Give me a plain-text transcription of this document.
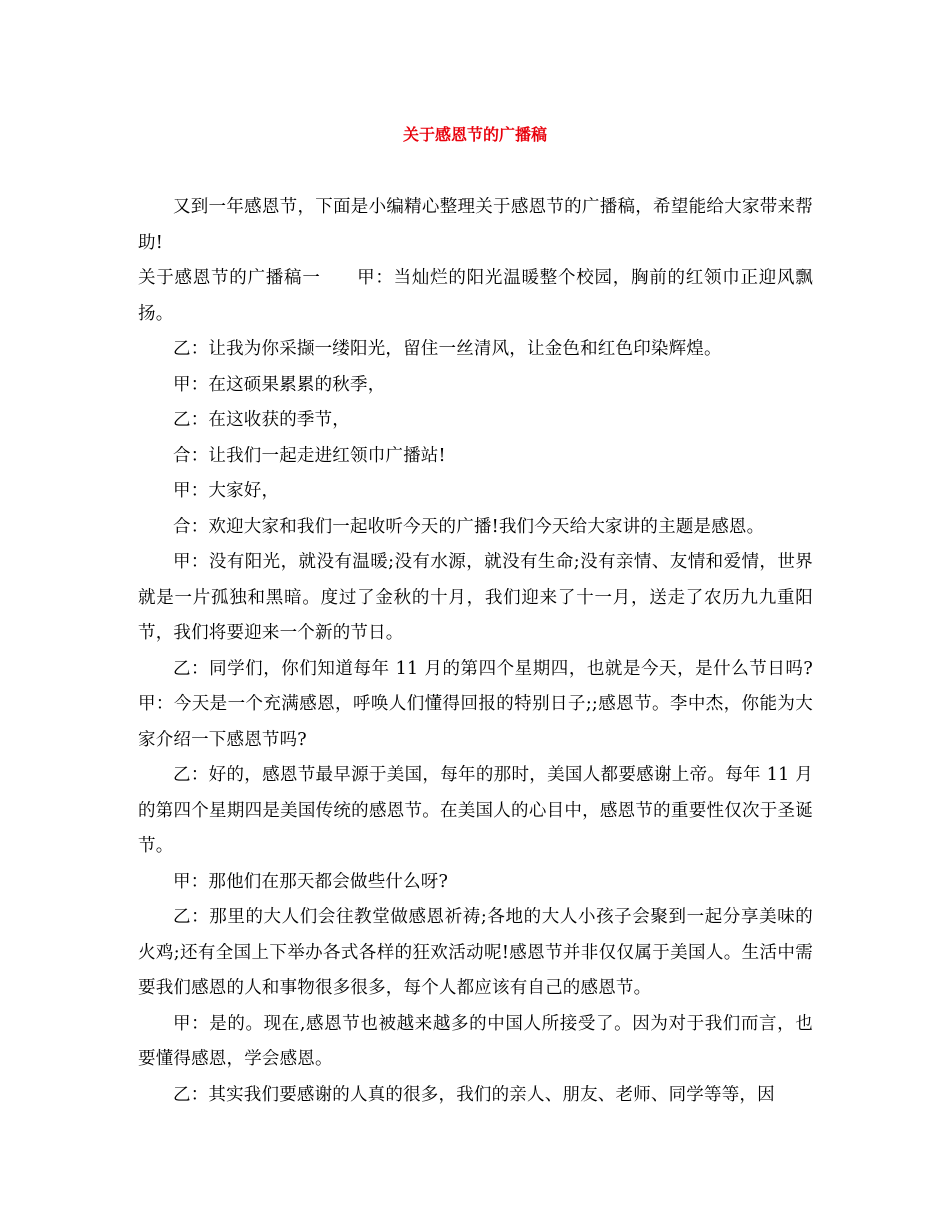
关于感恩节的广播稿

又到一年感恩节，下面是小编精心整理关于感恩节的广播稿，希望能给大家带来帮助!

关于感恩节的广播稿一 甲：当灿烂的阳光温暖整个校园，胸前的红领巾正迎风飘扬。

乙：让我为你采撷一缕阳光，留住一丝清风，让金色和红色印染辉煌。

甲：在这硕果累累的秋季，

乙：在这收获的季节，

合：让我们一起走进红领巾广播站!

甲：大家好，

合：欢迎大家和我们一起收听今天的广播!我们今天给大家讲的主题是感恩。

甲：没有阳光，就没有温暖;没有水源，就没有生命;没有亲情、友情和爱情，世界就是一片孤独和黑暗。度过了金秋的十月，我们迎来了十一月，送走了农历九九重阳节，我们将要迎来一个新的节日。

乙：同学们，你们知道每年 11 月的第四个星期四，也就是今天，是什么节日吗? 甲：今天是一个充满感恩，呼唤人们懂得回报的特别日子;;感恩节。李中杰，你能为大家介绍一下感恩节吗?

乙：好的，感恩节最早源于美国，每年的那时，美国人都要感谢上帝。每年 11 月的第四个星期四是美国传统的感恩节。在美国人的心目中，感恩节的重要性仅次于圣诞节。

甲：那他们在那天都会做些什么呀?

乙：那里的大人们会往教堂做感恩祈祷;各地的大人小孩子会聚到一起分享美味的火鸡;还有全国上下举办各式各样的狂欢活动呢!感恩节并非仅仅属于美国人。生活中需要我们感恩的人和事物很多很多，每个人都应该有自己的感恩节。

甲：是的。现在,感恩节也被越来越多的中国人所接受了。因为对于我们而言，也要懂得感恩，学会感恩。

乙：其实我们要感谢的人真的很多，我们的亲人、朋友、老师、同学等等，因
